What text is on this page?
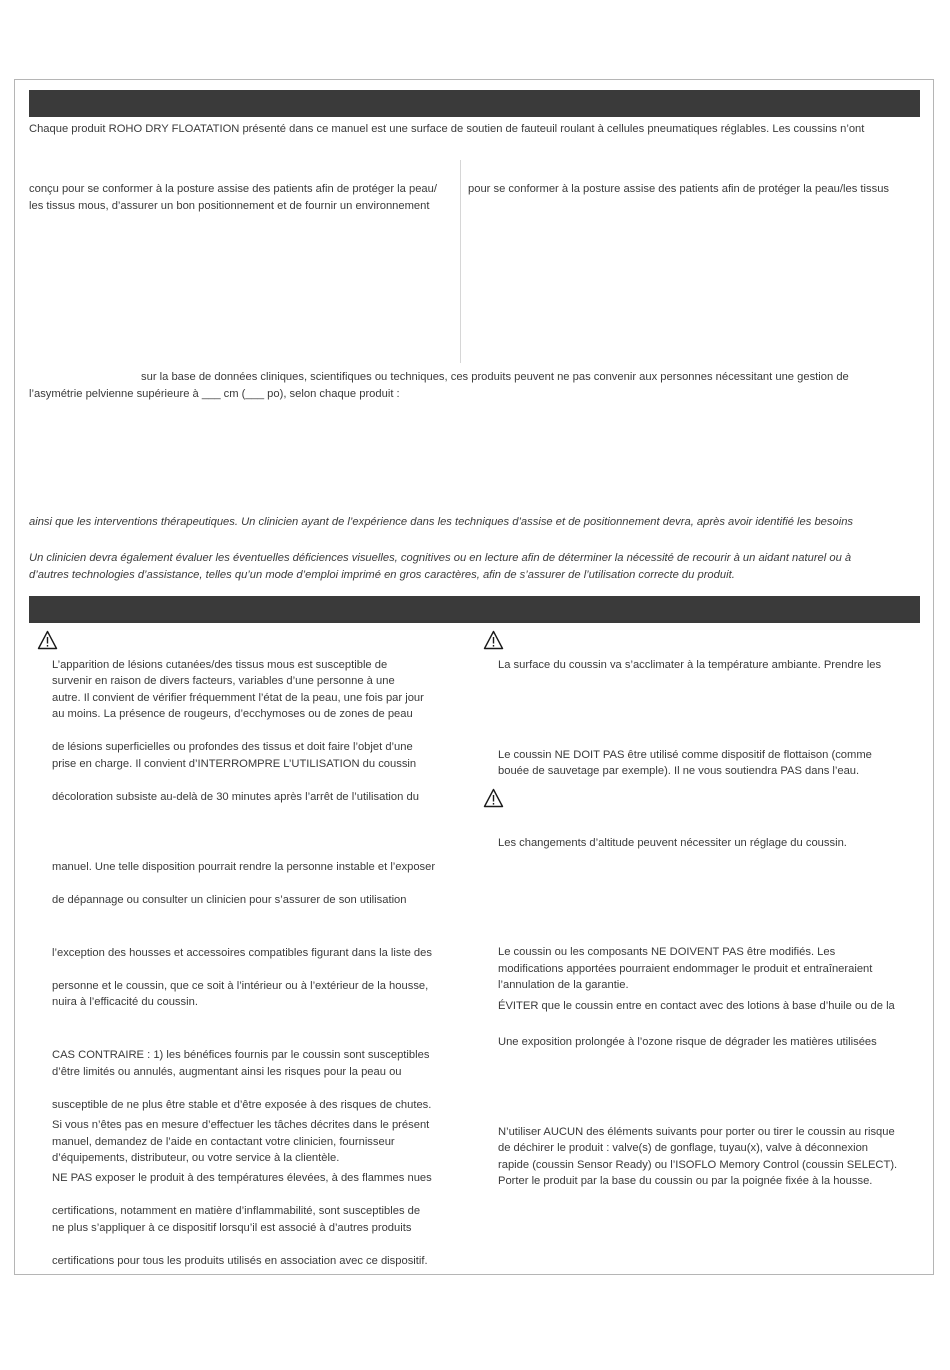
Chaque produit ROHO DRY FLOATATION présenté dans ce manuel est une surface de soutien de fauteuil roulant à cellules pneumatiques réglables. Les coussins n’ont
conçu pour se conformer à la posture assise des patients afin de protéger la peau/
les tissus mous, d’assurer un bon positionnement et de fournir un environnement
pour se conformer à la posture assise des patients afin de protéger la peau/les tissus
sur la base de données cliniques, scientifiques ou techniques, ces produits peuvent ne pas convenir aux personnes nécessitant une gestion de
l’asymétrie pelvienne supérieure à ___ cm (___ po), selon chaque produit :
ainsi que les interventions thérapeutiques. Un clinicien ayant de l’expérience dans les techniques d’assise et de positionnement devra, après avoir identifié les besoins
Un clinicien devra également évaluer les éventuelles déficiences visuelles, cognitives ou en lecture afin de déterminer la nécessité de recourir à un aidant naturel ou à
d’autres technologies d’assistance, telles qu’un mode d’emploi imprimé en gros caractères, afin de s’assurer de l’utilisation correcte du produit.
L’apparition de lésions cutanées/des tissus mous est susceptible de
survenir en raison de divers facteurs, variables d’une personne à une
autre. Il convient de vérifier fréquemment l’état de la peau, une fois par jour
au moins. La présence de rougeurs, d’ecchymoses ou de zones de peau
de lésions superficielles ou profondes des tissus et doit faire l’objet d’une
prise en charge. Il convient d’INTERROMPRE L’UTILISATION du coussin
décoloration subsiste au-delà de 30 minutes après l’arrêt de l’utilisation du
manuel. Une telle disposition pourrait rendre la personne instable et l’exposer
de dépannage ou consulter un clinicien pour s’assurer de son utilisation
l’exception des housses et accessoires compatibles figurant dans la liste des
personne et le coussin, que ce soit à l’intérieur ou à l’extérieur de la housse,
nuira à l’efficacité du coussin.
CAS CONTRAIRE : 1) les bénéfices fournis par le coussin sont susceptibles
d’être limités ou annulés, augmentant ainsi les risques pour la peau ou
susceptible de ne plus être stable et d’être exposée à des risques de chutes.
Si vous n’êtes pas en mesure d’effectuer les tâches décrites dans le présent
manuel, demandez de l’aide en contactant votre clinicien, fournisseur
d’équipements, distributeur, ou votre service à la clientèle.
NE PAS exposer le produit à des températures élevées, à des flammes nues
certifications, notamment en matière d’inflammabilité, sont susceptibles de
ne plus s’appliquer à ce dispositif lorsqu’il est associé à d’autres produits
certifications pour tous les produits utilisés en association avec ce dispositif.
La surface du coussin va s’acclimater à la température ambiante. Prendre les
Le coussin NE DOIT PAS être utilisé comme dispositif de flottaison (comme
bouée de sauvetage par exemple). Il ne vous soutiendra PAS dans l’eau.
Les changements d’altitude peuvent nécessiter un réglage du coussin.
Le coussin ou les composants NE DOIVENT PAS être modifiés. Les
modifications apportées pourraient endommager le produit et entraîneraient
l’annulation de la garantie.
ÉVITER que le coussin entre en contact avec des lotions à base d’huile ou de la
Une exposition prolongée à l’ozone risque de dégrader les matières utilisées
N’utiliser AUCUN des éléments suivants pour porter ou tirer le coussin au risque
de déchirer le produit : valve(s) de gonflage, tuyau(x), valve à déconnexion
rapide (coussin Sensor Ready) ou l’ISOFLO Memory Control (coussin SELECT).
Porter le produit par la base du coussin ou par la poignée fixée à la housse.
